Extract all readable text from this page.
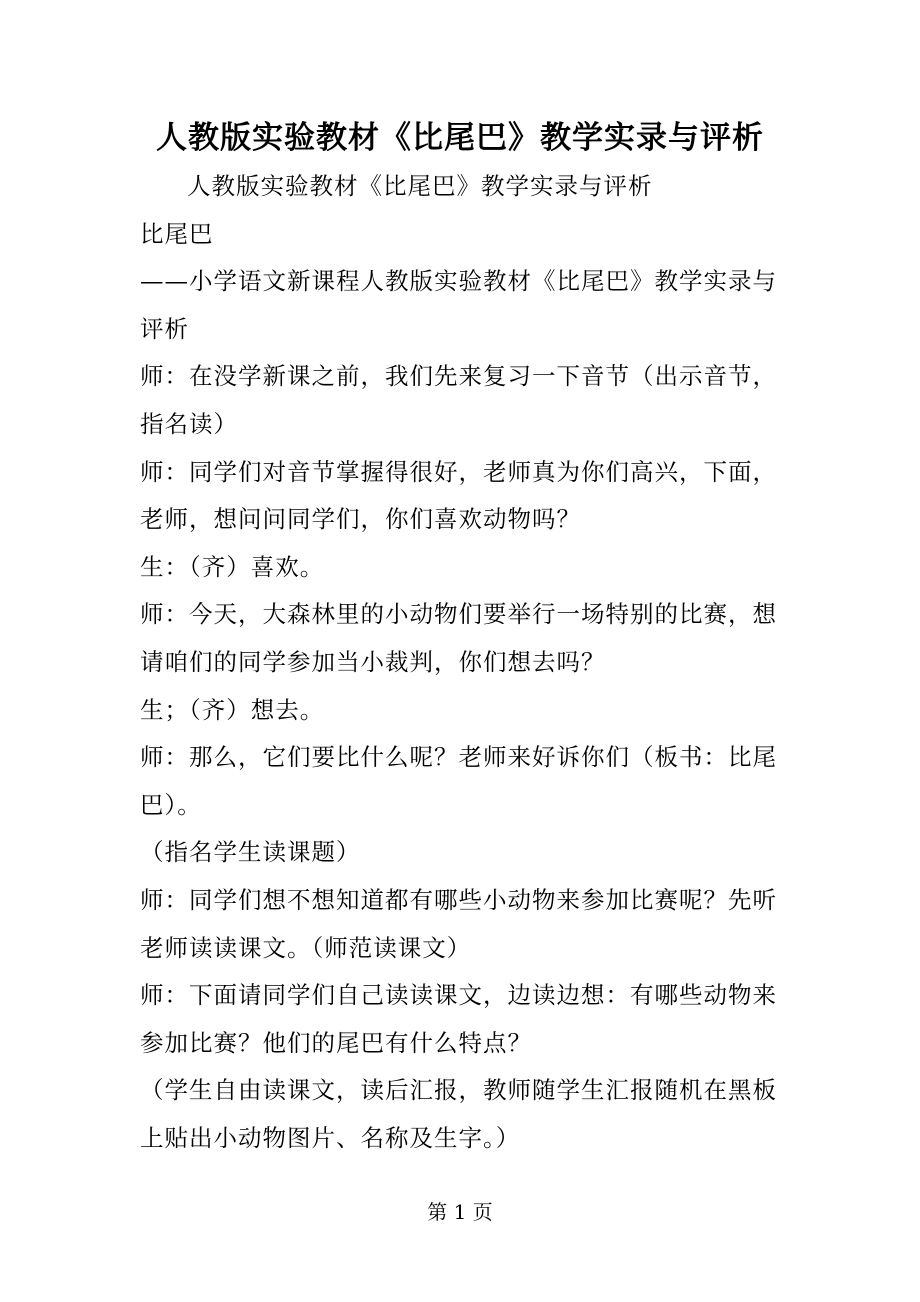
人教版实验教材《比尾巴》教学实录与评析
人教版实验教材《比尾巴》教学实录与评析
比尾巴
——小学语文新课程人教版实验教材《比尾巴》教学实录与
评析
师：在没学新课之前，我们先来复习一下音节（出示音节，
指名读）
师：同学们对音节掌握得很好，老师真为你们高兴，下面，
老师，想问问同学们，你们喜欢动物吗？
生：（齐）喜欢。
师：今天，大森林里的小动物们要举行一场特别的比赛，想
请咱们的同学参加当小裁判，你们想去吗？
生；（齐）想去。
师：那么，它们要比什么呢？老师来好诉你们（板书：比尾
巴）。
（指名学生读课题）
师：同学们想不想知道都有哪些小动物来参加比赛呢？先听
老师读读课文。（师范读课文）
师：下面请同学们自己读读课文，边读边想：有哪些动物来
参加比赛？他们的尾巴有什么特点？
（学生自由读课文，读后汇报，教师随学生汇报随机在黑板
上贴出小动物图片、名称及生字。）
第 1 页
